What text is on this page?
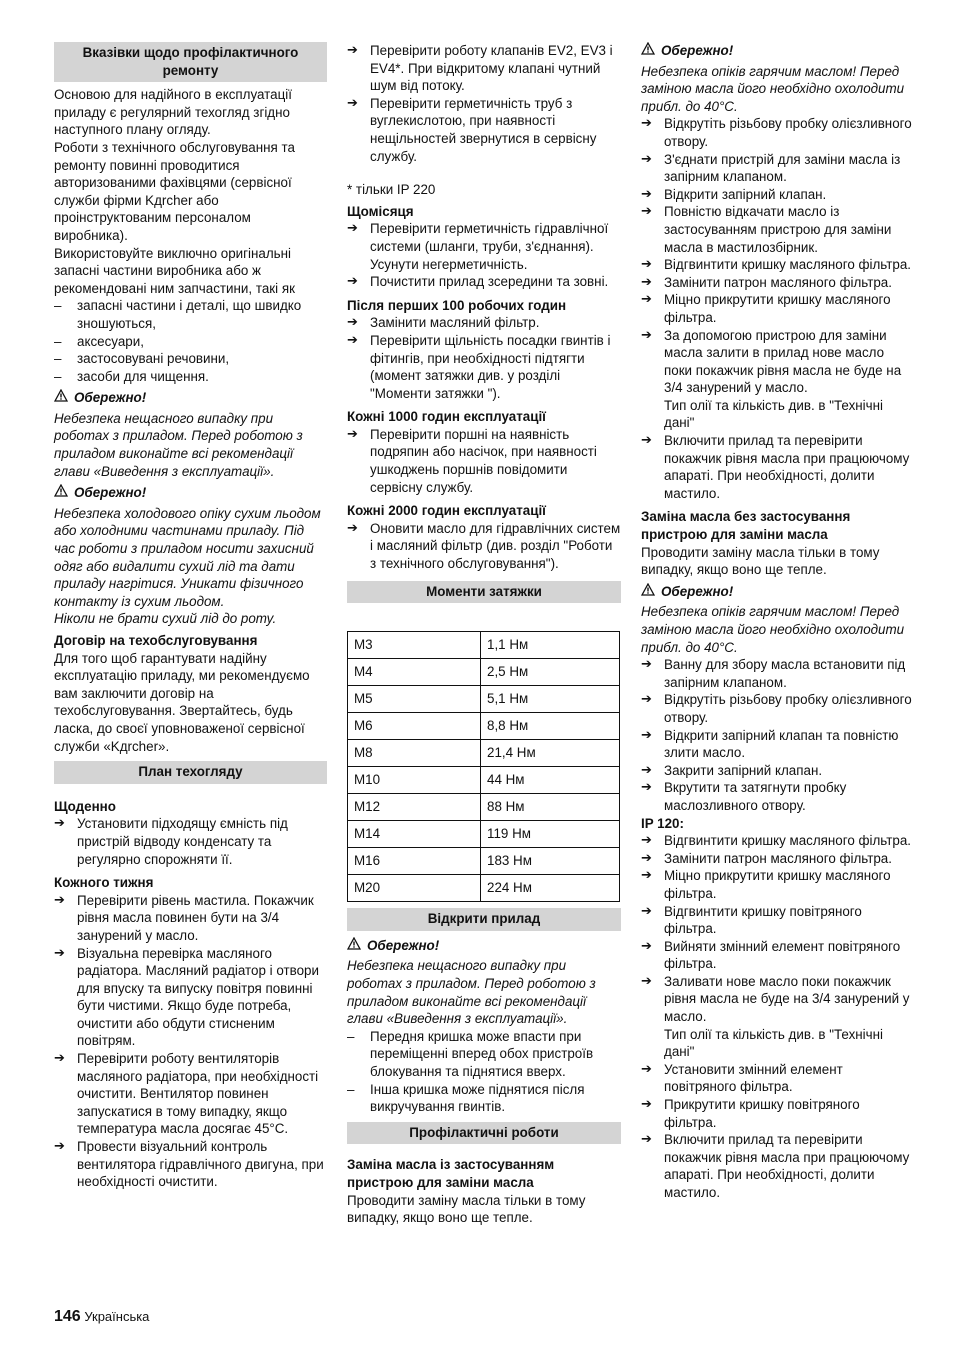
Вказівки щодо профілактичного ремонту

Основою для надійного в експлуатації приладу є регулярний техогляд згідно наступного плану огляду.

Роботи з технічного обслуговування та ремонту повинні проводитися авторизованими фахівцями (сервісної служби фірми Kдrcher або проінструктованим персоналом виробника).

Використовуйте виключно оригінальні запасні частини виробника або ж рекомендовані ним запчастини, такі як

– запасні частини і деталі, що швидко зношуються,

– аксесуари,

– застосовувані речовини,

– засоби для чищення.

Обережно!

Небезпека нещасного випадку при роботах з приладом. Перед роботою з приладом виконайте всі рекомендації глави «Виведення з експлуатації».

Обережно!

Небезпека холодового опіку сухим льодом або холодними частинами приладу. Під час роботи з приладом носити захисний одяг або видалити сухий лід та дати приладу нагрітися. Уникати фізичного контакту із сухим льодом.

Ніколи не брати сухий лід до роту.

Договір на техобслуговування

Для того щоб гарантувати надійну експлуатацію приладу, ми рекомендуємо вам заключити договір на техобслуговування. Звертайтесь, будь ласка, до своєї уповноваженої сервісної служби «Kдrcher».

План техогляду

Щоденно

➔ Установити підходящу ємність під пристрій відводу конденсату та регулярно спорожняти її.

Кожного тижня

➔ Перевірити рівень мастила. Покажчик рівня масла повинен бути на 3/4 занурений у масло.

➔ Візуальна перевірка масляного радіатора. Масляний радіатор і отвори для впуску та випуску повітря повинні бути чистими. Якщо буде потреба, очистити або обдути стисненим повітрям.

➔ Перевірити роботу вентиляторів масляного радіатора, при необхідності очистити. Вентилятор повинен запускатися в тому випадку, якщо температура масла досягає 45°C.

➔ Провести візуальний контроль вентилятора гідравлічного двигуна, при необхідності очистити.

➔ Перевірити роботу клапанів EV2, EV3 і EV4*. При відкритому клапані чутний шум від потоку.

➔ Перевірити герметичність труб з вуглекислотою, при наявності нещільностей звернутися в сервісну службу.

* тільки IP 220

Щомісяця

➔ Перевірити герметичність гідравлічної системи (шланги, труби, з'єднання). Усунути негерметичність.

➔ Почистити прилад зсередини та зовні.

Після перших 100 робочих годин

➔ Замінити масляний фільтр.

➔ Перевірити щільність посадки гвинтів і фітингів, при необхідності підтягти (момент затяжки див. у розділі "Моменти затяжки ").

Кожні 1000 годин експлуатації

➔ Перевірити поршні на наявність подряпин або насічок, при наявності ушкоджень поршнів повідомити сервісну службу.

Кожні 2000 годин експлуатації

➔ Оновити масло для гідравлічних систем і масляний фільтр (див. розділ "Роботи з технічного обслуговування").

Моменти затяжки
M3	1,1 Нм
M4	2,5 Нм
M5	5,1 Нм
M6	8,8 Нм
M8	21,4 Нм
M10	44 Нм
M12	88 Нм
M14	119 Нм
M16	183 Нм
M20	224 Нм
Відкрити прилад

Обережно!

Небезпека нещасного випадку при роботах з приладом. Перед роботою з приладом виконайте всі рекомендації глави «Виведення з експлуатації».

– Передня кришка може впасти при переміщенні вперед обох пристроїв блокування та піднятися вверх.

– Інша кришка може піднятися після викручування гвинтів.

Профілактичні роботи

Заміна масла із застосуванням пристрою для заміни масла

Проводити заміну масла тільки в тому випадку, якщо воно ще тепле.

Обережно!

Небезпека опіків гарячим маслом! Перед заміною масла його необхідно охолодити прибл. до 40°C.

➔ Відкрутіть різьбову пробку олієзливного отвору.

➔ З'єднати пристрій для заміни масла із запірним клапаном.

➔ Відкрити запірний клапан.

➔ Повністю відкачати масло із застосуванням пристрою для заміни масла в мастилозбірник.

➔ Відгвинтити кришку масляного фільтра.

➔ Замінити патрон масляного фільтра.

➔ Міцно прикрутити кришку масляного фільтра.

➔ За допомогою пристрою для заміни масла залити в прилад нове масло поки покажчик рівня масла не буде на 3/4 занурений у масло.

Тип олії та кількість див. в "Технічні дані"

➔ Включити прилад та перевірити покажчик рівня масла при працюючому апараті. При необхідності, долити мастило.

Заміна масла без застосування пристрою для заміни масла

Проводити заміну масла тільки в тому випадку, якщо воно ще тепле.

Обережно!

Небезпека опіків гарячим маслом! Перед заміною масла його необхідно охолодити прибл. до 40°C.

➔ Ванну для збору масла встановити під запірним клапаном.

➔ Відкрутіть різьбову пробку олієзливного отвору.

➔ Відкрити запірний клапан та повністю злити масло.

➔ Закрити запірний клапан.

➔ Вкрутити та затягнути пробку маслозливного отвору.

IP 120:

➔ Відгвинтити кришку масляного фільтра.

➔ Замінити патрон масляного фільтра.

➔ Міцно прикрутити кришку масляного фільтра.

➔ Відгвинтити кришку повітряного фільтра.

➔ Вийняти змінний елемент повітряного фільтра.

➔ Заливати нове масло поки покажчик рівня масла не буде на 3/4 занурений у масло.

Тип олії та кількість див. в "Технічні дані"

➔ Установити змінний елемент повітряного фільтра.

➔ Прикрутити кришку повітряного фільтра.

➔ Включити прилад та перевірити покажчик рівня масла при працюючому апараті. При необхідності, долити мастило.

146 Українська
